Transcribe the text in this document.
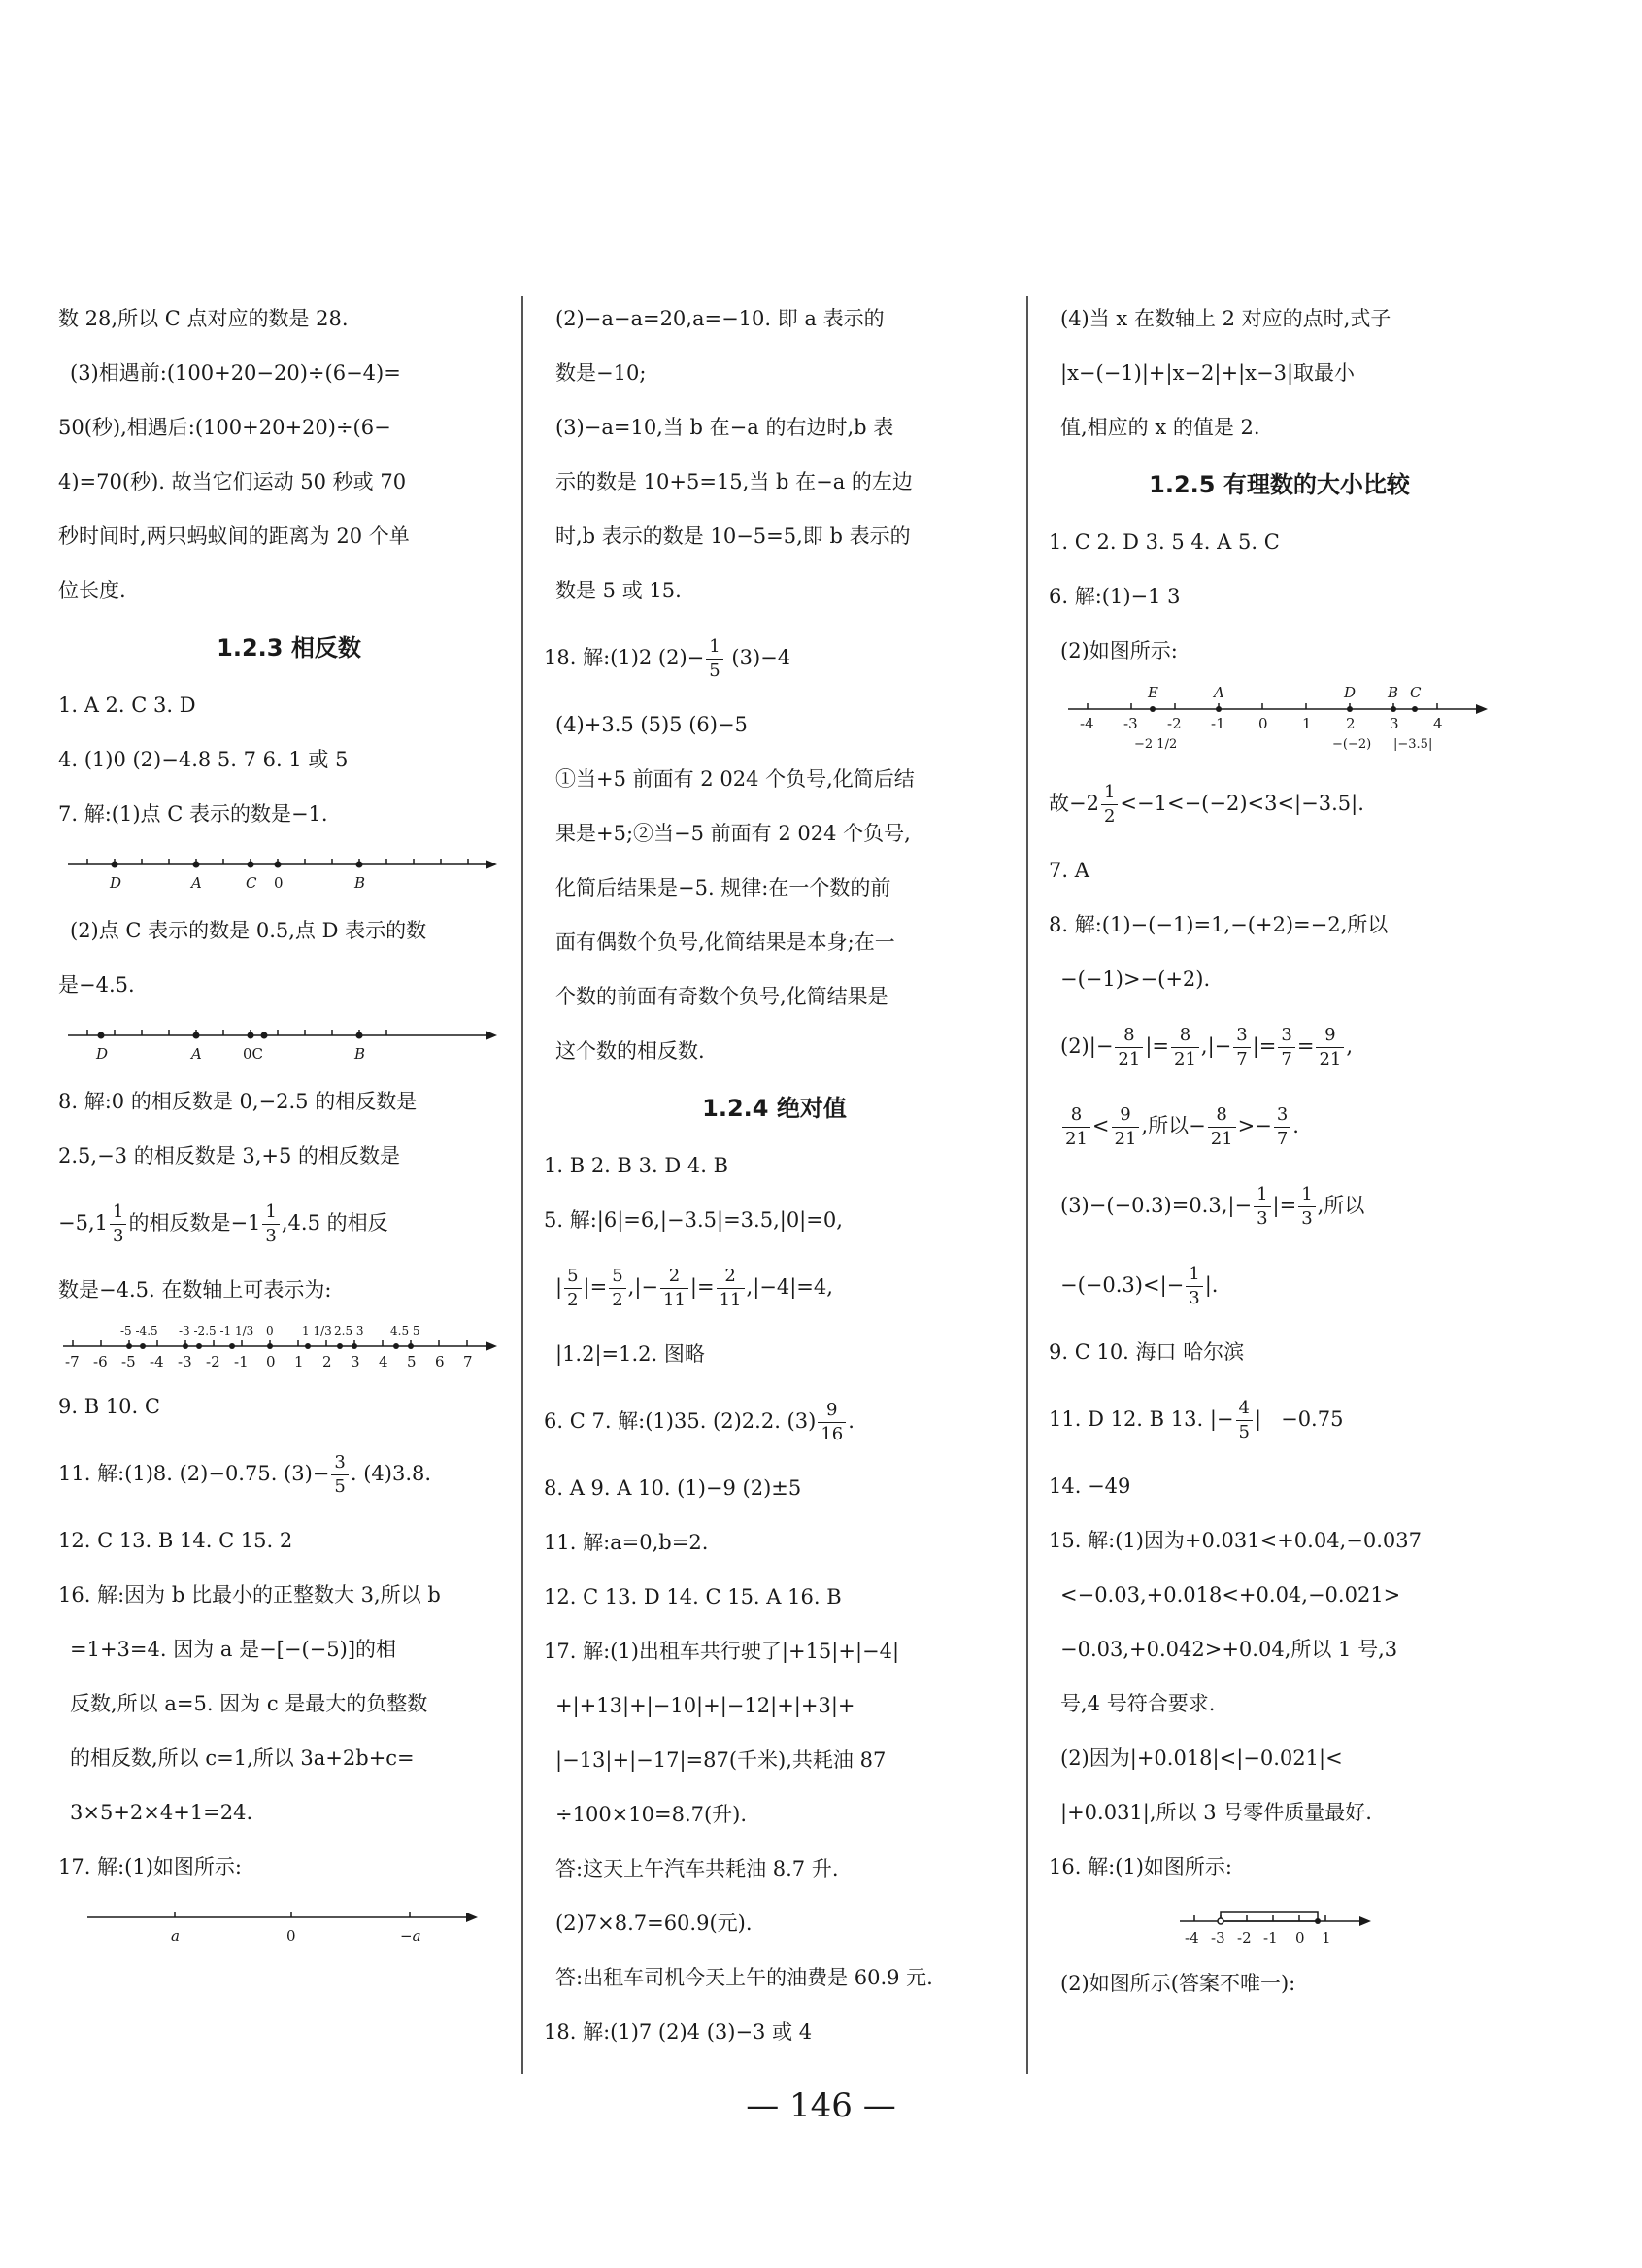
数 28,所以 C 点对应的数是 28.
(3)相遇前:(100+20−20)÷(6−4)=
50(秒),相遇后:(100+20+20)÷(6−
4)=70(秒). 故当它们运动 50 秒或 70
秒时间时,两只蚂蚁间的距离为 20 个单
位长度.
1.2.3 相反数
1. A 2. C 3. D
4. (1)0 (2)−4.8 5. 7 6. 1 或 5
7. 解:(1)点 C 表示的数是−1.
D	A	C 0	B
(2)点 C 表示的数是 0.5,点 D 表示的数
是−4.5.
D	A	0C	B
8. 解:0 的相反数是 0,−2.5 的相反数是
2.5,−3 的相反数是 3,+5 的相反数是
$-5,1 \frac{1}{3}$ 的相反数是$-1 \frac{1}{3} ,4.5$ 的相反
数是−4.5. 在数轴上可表示为:
-5 -4.5 -3 -2.5 -1 1/3 0 1 1/3 2.5 3 4.5 5
-7 -6 -5 -4 -3 -2 -1 0 1 2 3 4 5 6 7
9. B 10. C
11. 解:(1)8. (2)−0.75. $(3)- \frac{3}{5}$ . (4)3.8.
12. C 13. B 14. C 15. 2
16. 解:因为 b 比最小的正整数大 3,所以 b
=1+3=4. 因为 a 是−[−(−5)]的相
反数,所以 a=5. 因为 c 是最大的负整数
的相反数,所以 c=1,所以 3a+2b+c=
3×5+2×4+1=24.
17. 解:(1)如图所示:
a	0	−a
(2)−a−a=20,a=−10. 即 a 表示的
数是−10;
(3)−a=10,当 b 在−a 的右边时,b 表
示的数是 10+5=15,当 b 在−a 的左边
时,b 表示的数是 10−5=5,即 b 表示的
数是 5 或 15.
18. 解:(1)2 $(2)- \frac{1}{5} (3)-4$
(4)+3.5 (5)5 (6)−5
①当+5 前面有 2 024 个负号,化简后结
果是+5;②当−5 前面有 2 024 个负号,
化简后结果是−5. 规律:在一个数的前
面有偶数个负号,化简结果是本身;在一
个数的前面有奇数个负号,化简结果是
这个数的相反数.
1.2.4 绝对值
1. B 2. B 3. D 4. B
5. 解:|6|=6,|−3.5|=3.5,|0|=0,
| $\frac{5}{2}$ |= $\frac{5}{2}$ ,|− $\frac{2}{11}$ |= $\frac{2}{11} ,|-4|=4$,
|1.2|=1.2. 图略
6. C 7. 解:(1)35. (2)2.2. $(3) \frac{9}{16}$ .
8. A 9. A 10. (1)−9 (2)±5
11. 解:a=0,b=2.
12. C 13. D 14. C 15. A 16. B
17. 解:(1)出租车共行驶了|+15|+|−4|
+|+13|+|−10|+|−12|+|+3|+
|−13|+|−17|=87(千米),共耗油 87
÷100×10=8.7(升).
答:这天上午汽车共耗油 8.7 升.
(2)7×8.7=60.9(元).
答:出租车司机今天上午的油费是 60.9 元.
18. 解:(1)7 (2)4 (3)−3 或 4
(4)当 x 在数轴上 2 对应的点时,式子
|x−(−1)|+|x−2|+|x−3|取最小
值,相应的 x 的值是 2.
1.2.5 有理数的大小比较
1. C 2. D 3. 5 4. A 5. C
6. 解:(1)−1 3
(2)如图所示:
E	A	D B C
-4 -3 -2 -1 0 1 2 3 4
−2 1/2	−(−2) |−3.5|
故$-2 \frac{1}{2} <-1<-(-2)<3<|-3.5|$.
7. A
8. 解:(1)−(−1)=1,−(+2)=−2,所以
−(−1)>−(+2).
$(2)|- \frac{8}{21}$ |= $\frac{8}{21}$ ,|− $\frac{3}{7}$ |= $\frac{3}{7} = \frac{9}{21}$ ,
$\frac{8}{21} < \frac{9}{21}$ ,所以− $\frac{8}{21} >- \frac{3}{7}$ .
$(3)-(-0.3)=0.3,|- \frac{1}{3}$ |= $\frac{1}{3}$ ,所以
$-(-0.3)<|- \frac{1}{3}$ |.
9. C 10. 海口 哈尔滨
11. D 12. B 13. |− $\frac{4}{5}$ |   −0.75
14. −49
15. 解:(1)因为+0.031<+0.04,−0.037
<−0.03,+0.018<+0.04,−0.021>
−0.03,+0.042>+0.04,所以 1 号,3
号,4 号符合要求.
(2)因为|+0.018|<|−0.021|<
|+0.031|,所以 3 号零件质量最好.
16. 解:(1)如图所示:
-4 -3 -2 -1 0 1
(2)如图所示(答案不唯一):
— 146 —
